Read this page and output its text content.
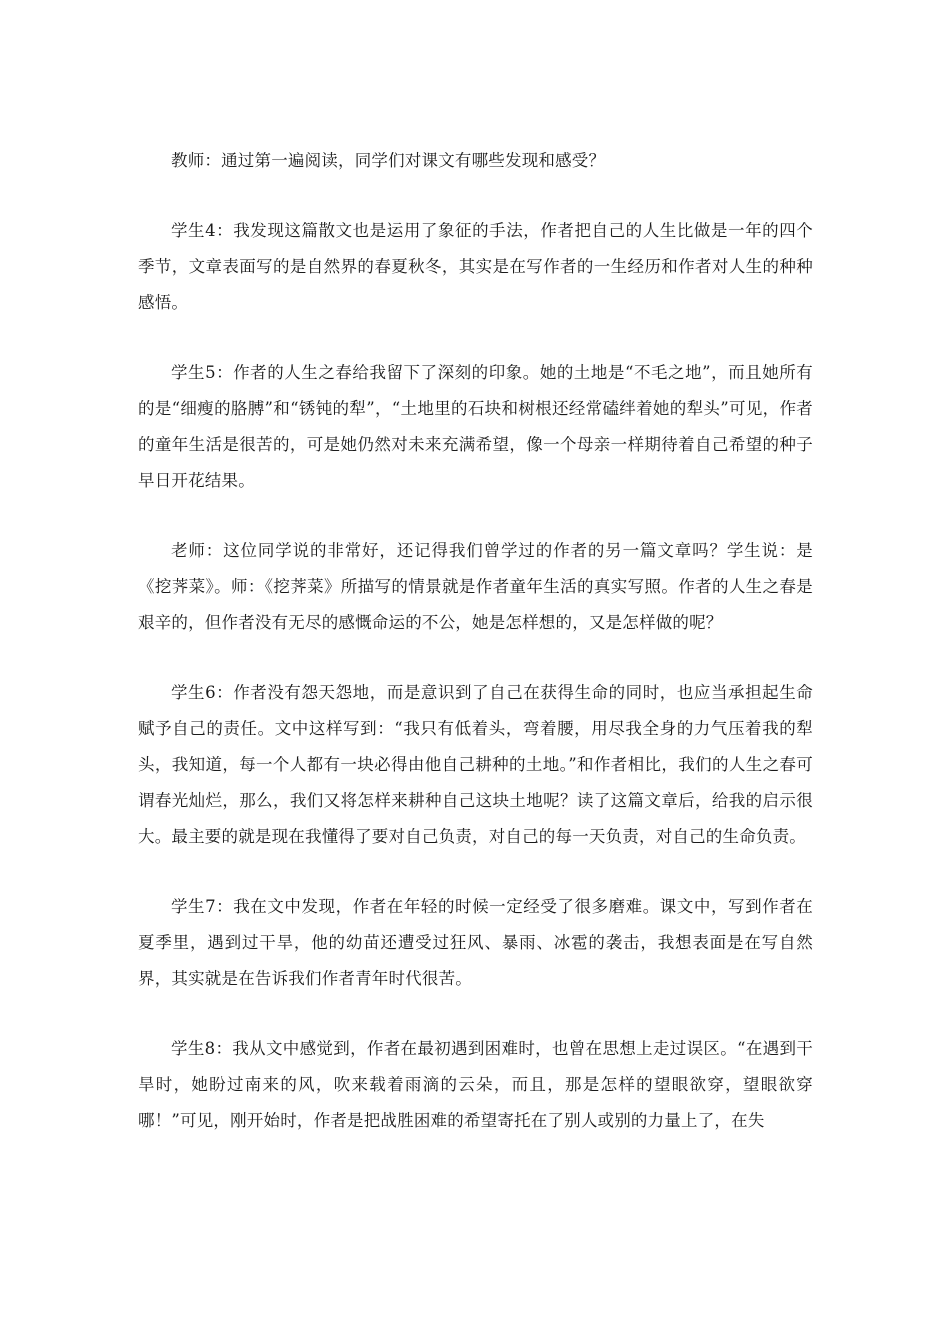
教师：通过第一遍阅读，同学们对课文有哪些发现和感受？

学生4：我发现这篇散文也是运用了象征的手法，作者把自己的人生比做是一年的四个季节，文章表面写的是自然界的春夏秋冬，其实是在写作者的一生经历和作者对人生的种种感悟。

学生5：作者的人生之春给我留下了深刻的印象。她的土地是“不毛之地”，而且她所有的是“细瘦的胳膊”和“锈钝的犁”，“土地里的石块和树根还经常磕绊着她的犁头”可见，作者的童年生活是很苦的，可是她仍然对未来充满希望，像一个母亲一样期待着自己希望的种子早日开花结果。

老师：这位同学说的非常好，还记得我们曾学过的作者的另一篇文章吗？学生说：是《挖荠菜》。师：《挖荠菜》所描写的情景就是作者童年生活的真实写照。作者的人生之春是艰辛的，但作者没有无尽的感慨命运的不公，她是怎样想的，又是怎样做的呢？

学生6：作者没有怨天怨地，而是意识到了自己在获得生命的同时，也应当承担起生命赋予自己的责任。文中这样写到：“我只有低着头，弯着腰，用尽我全身的力气压着我的犁头，我知道，每一个人都有一块必得由他自己耕种的土地。”和作者相比，我们的人生之春可谓春光灿烂，那么，我们又将怎样来耕种自己这块土地呢？读了这篇文章后，给我的启示很大。最主要的就是现在我懂得了要对自己负责，对自己的每一天负责，对自己的生命负责。

学生7：我在文中发现，作者在年轻的时候一定经受了很多磨难。课文中，写到作者在夏季里，遇到过干旱，他的幼苗还遭受过狂风、暴雨、冰雹的袭击，我想表面是在写自然界，其实就是在告诉我们作者青年时代很苦。

学生8：我从文中感觉到，作者在最初遇到困难时，也曾在思想上走过误区。“在遇到干旱时，她盼过南来的风，吹来载着雨滴的云朵，而且，那是怎样的望眼欲穿，望眼欲穿哪！”可见，刚开始时，作者是把战胜困难的希望寄托在了别人或别的力量上了，在失
